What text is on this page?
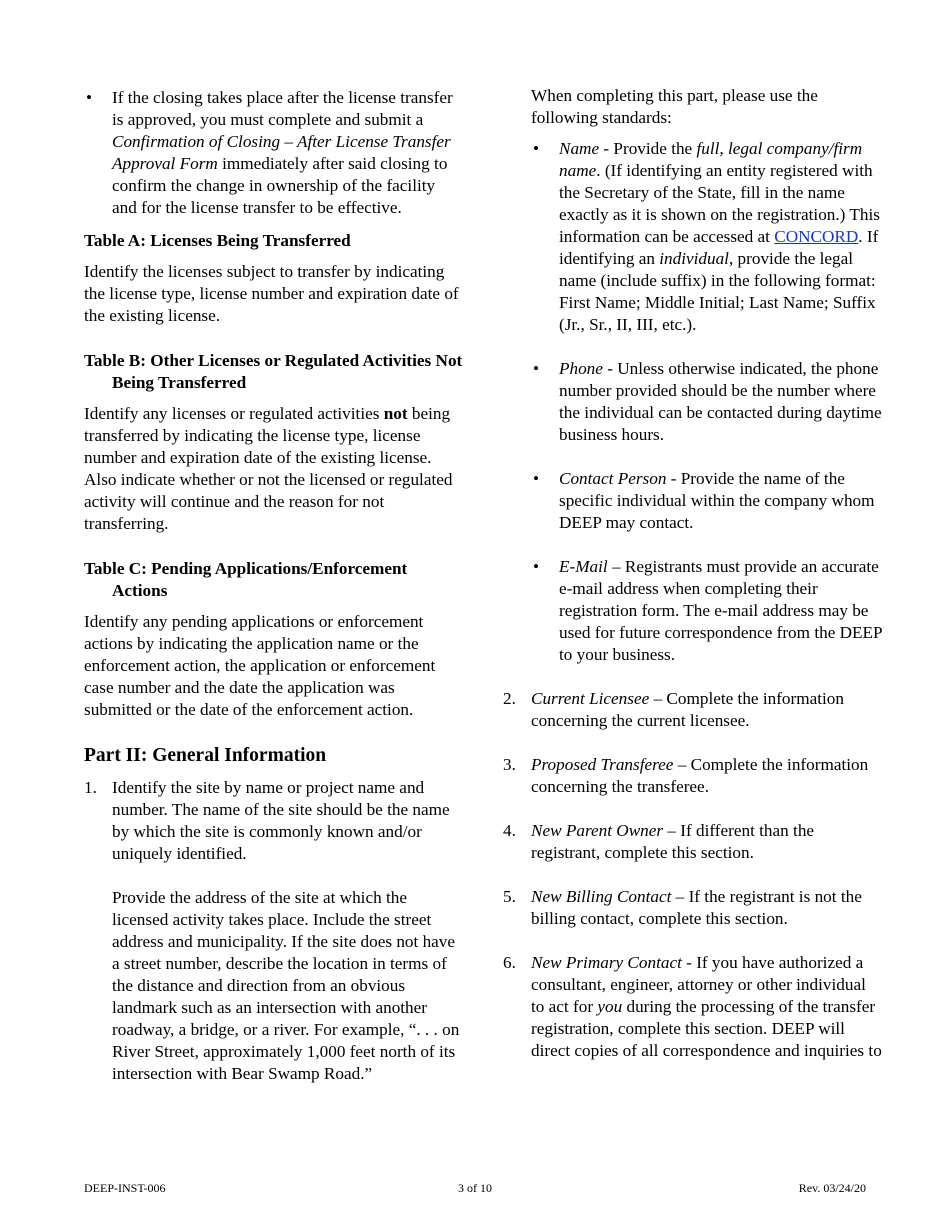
• If the closing takes place after the license transfer is approved, you must complete and submit a Confirmation of Closing – After License Transfer Approval Form immediately after said closing to confirm the change in ownership of the facility and for the license transfer to be effective.

Table A: Licenses Being Transferred

Identify the licenses subject to transfer by indicating the license type, license number and expiration date of the existing license.

Table B: Other Licenses or Regulated Activities Not Being Transferred

Identify any licenses or regulated activities not being transferred by indicating the license type, license number and expiration date of the existing license. Also indicate whether or not the licensed or regulated activity will continue and the reason for not transferring.

Table C: Pending Applications/Enforcement Actions

Identify any pending applications or enforcement actions by indicating the application name or the enforcement action, the application or enforcement case number and the date the application was submitted or the date of the enforcement action.

Part II: General Information

1. Identify the site by name or project name and number. The name of the site should be the name by which the site is commonly known and/or uniquely identified.

Provide the address of the site at which the licensed activity takes place. Include the street address and municipality. If the site does not have a street number, describe the location in terms of the distance and direction from an obvious landmark such as an intersection with another roadway, a bridge, or a river. For example, “. . . on River Street, approximately 1,000 feet north of its intersection with Bear Swamp Road.”

When completing this part, please use the following standards:

• Name - Provide the full, legal company/firm name. (If identifying an entity registered with the Secretary of the State, fill in the name exactly as it is shown on the registration.) This information can be accessed at CONCORD. If identifying an individual, provide the legal name (include suffix) in the following format: First Name; Middle Initial; Last Name; Suffix (Jr., Sr., II, III, etc.).

• Phone - Unless otherwise indicated, the phone number provided should be the number where the individual can be contacted during daytime business hours.

• Contact Person - Provide the name of the specific individual within the company whom DEEP may contact.

• E-Mail – Registrants must provide an accurate e-mail address when completing their registration form. The e-mail address may be used for future correspondence from the DEEP to your business.

2. Current Licensee – Complete the information concerning the current licensee.

3. Proposed Transferee – Complete the information concerning the transferee.

4. New Parent Owner – If different than the registrant, complete this section.

5. New Billing Contact – If the registrant is not the billing contact, complete this section.

6. New Primary Contact - If you have authorized a consultant, engineer, attorney or other individual to act for you during the processing of the transfer registration, complete this section. DEEP will direct copies of all correspondence and inquiries to

DEEP-INST-006	3 of 10	Rev. 03/24/20
